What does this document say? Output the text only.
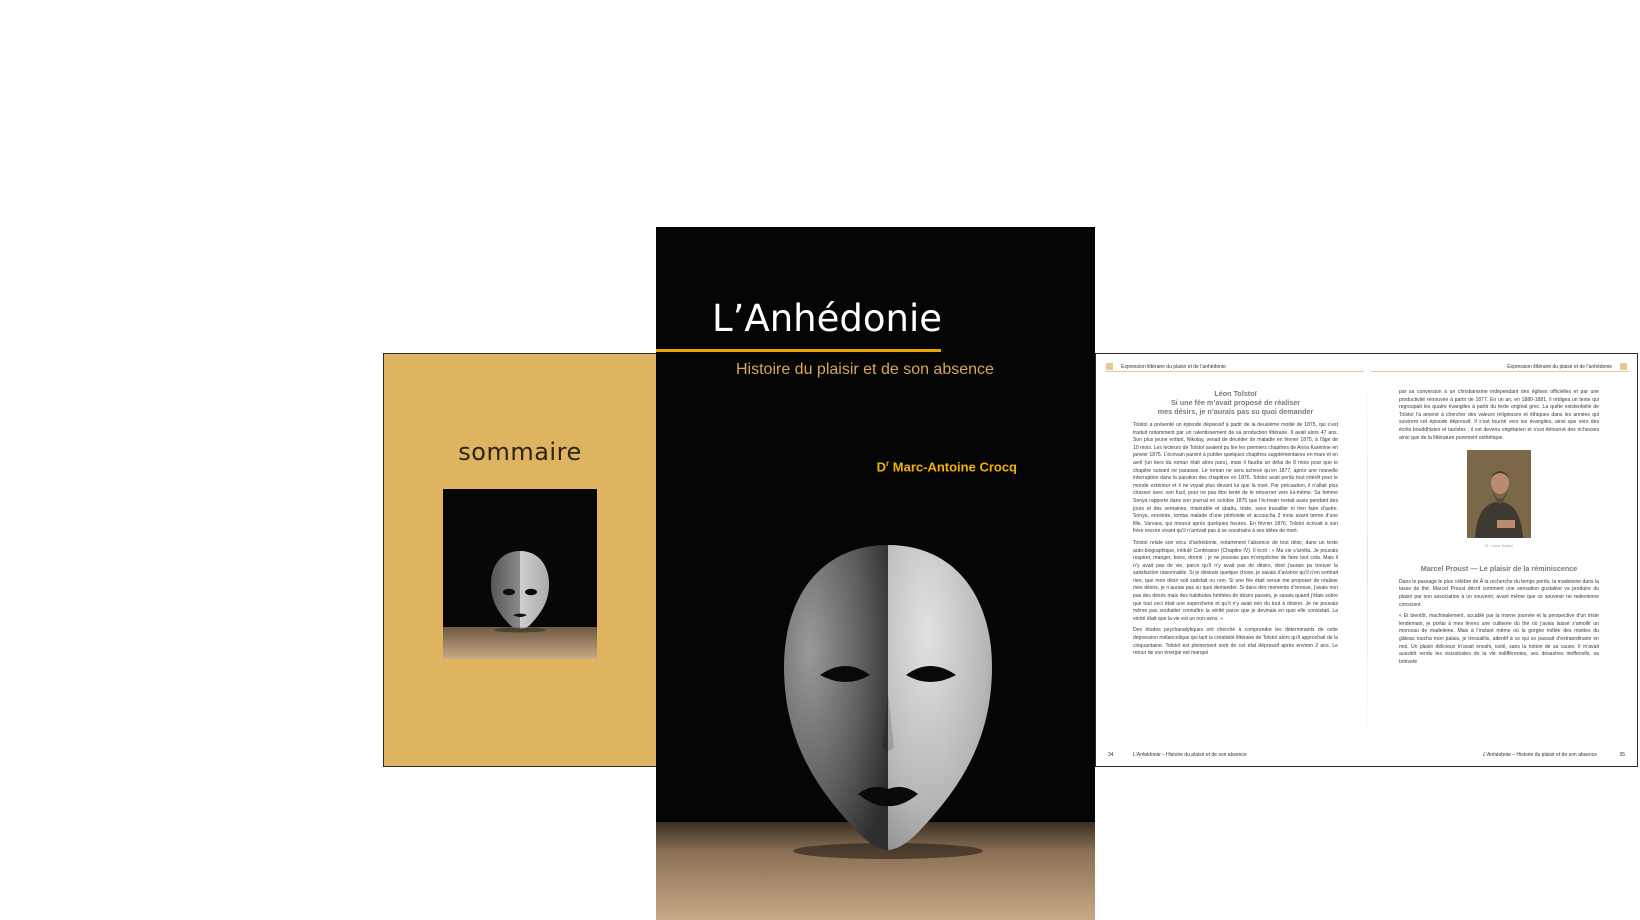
sommaire
L’Anhédonie
Histoire du plaisir et de son absence
$D^r$ Marc-Antoine Crocq
Expression littéraire du plaisir et de l’anhédonie	Expression littéraire du plaisir et de l’anhédonie
Léon Tolstoï
Si une fée m’avait proposé de réaliser
mes désirs, je n’aurais pas su quoi demander

Tolstoï a présenté un épisode dépressif à partir de la deuxième moitié de 1875, qui s’est traduit notamment par un ralentissement de sa production littéraire. Il avait alors 47 ans. Son plus jeune enfant, Nikolay, venait de décéder de maladie en février 1875, à l’âge de 10 mois. Les lecteurs de Tolstoï avaient pu lire les premiers chapitres de Anna Karénine en janvier 1875. L’écrivain parvint à publier quelques chapitres supplémentaires en mars et en avril (un tiers du roman était alors paru), mais il faudra un délai de 8 mois pour que le chapitre suivant ne paraisse. Le roman ne sera achevé qu’en 1877, après une nouvelle interruption dans la parution des chapitres en 1876. Tolstoï avait perdu tout intérêt pour le monde extérieur et il ne voyait plus devant lui que la mort. Par précaution, il n’allait plus chasser avec son fusil, pour ne pas être tenté de le retourner vers lui-même. Sa femme Sonya rapporte dans son journal en octobre 1875 que l’écrivain restait assis pendant des jours et des semaines, misérable et abattu, triste, sans travailler ni rien faire d’autre. Sonya, enceinte, tomba malade d’une péritonite et accoucha 3 mois avant terme d’une fille, Varvara, qui mourut après quelques heures. En février 1876, Tolstoï écrivait à son frère encore vivant qu’il n’arrivait pas à se soustraire à ses idées de mort.

Tolstoï relate son vécu d’anhédonie, notamment l’absence de tout désir, dans un texte auto-biographique, intitulé Confession (Chapitre IV). Il écrit : « Ma vie s’arrêta. Je pouvais respirer, manger, boire, dormir ; je ne pouvais pas m’empêcher de faire tout cela. Mais il n’y avait pas de vie, parce qu’il n’y avait pas de désirs, dont j’aurais pu trouver la satisfaction raisonnable. Si je désirais quelque chose, je savais d’avance qu’il n’en sortirait rien, que mon désir soit satisfait ou non. Si une fée était venue me proposer de réaliser mes désirs, je n’aurais pas su quoi demander. Si dans des moments d’ivresse, j’avais non pas des désirs mais des habitudes héritées de désirs passés, je savais quand j’étais sobre que tout ceci était une supercherie et qu’il n’y avait rien du tout à désirer. Je ne pouvais même pas souhaiter connaître la vérité parce que je devinais en quoi elle consistait. La vérité était que la vie est un non-sens. »

Des études psychanalytiques ont cherché à comprendre les déterminants de cette dépression mélancolique qui tarit la créativité littéraire de Tolstoï alors qu’il approchait de la cinquantaine. Tolstoï est pleinement sorti de cet état dépressif après environ 2 ans. Le retour de son énergie est marqué

par sa conversion à un christianisme indépendant des églises officielles et par une productivité retrouvée à partir de 1877. En un an, en 1880-1881, il rédigea un texte qui regroupait les quatre évangiles à partir du texte original grec. La quête existentielle de Tolstoï l’a amené à chercher des valeurs religieuses et éthiques dans les années qui suivirent cet épisode dépressif. Il s’est tourné vers les évangiles, ainsi que vers des écrits bouddhistes et taoïstes ; il est devenu végétarien et s’est détourné des richesses ainsi que de la littérature purement esthétique.

Ill.: Léon Tolstoï
Marcel Proust — Le plaisir de la réminiscence

Dans le passage le plus célèbre de À la recherche du temps perdu, la madeleine dans la tasse de thé, Marcel Proust décrit comment une sensation gustative va produire du plaisir par son association à un souvenir, avant même que ce souvenir ne redevienne conscient.

« Et bientôt, machinalement, accablé par la morne journée et la perspective d’un triste lendemain, je portai à mes lèvres une cuillerée du thé où j’avais laissé s’amollir un morceau de madeleine. Mais à l’instant même où la gorgée mêlée des miettes du gâteau toucha mon palais, je tressaillis, attentif à ce qui se passait d’extraordinaire en moi. Un plaisir délicieux m’avait envahi, isolé, sans la notion de sa cause. Il m’avait aussitôt rendu les vicissitudes de la vie indifférentes, ses désastres inoffensifs, sa brièveté

34	L’Anhédonie – Histoire du plaisir et de son absence	L’Anhédonie – Histoire du plaisir et de son absence	35
